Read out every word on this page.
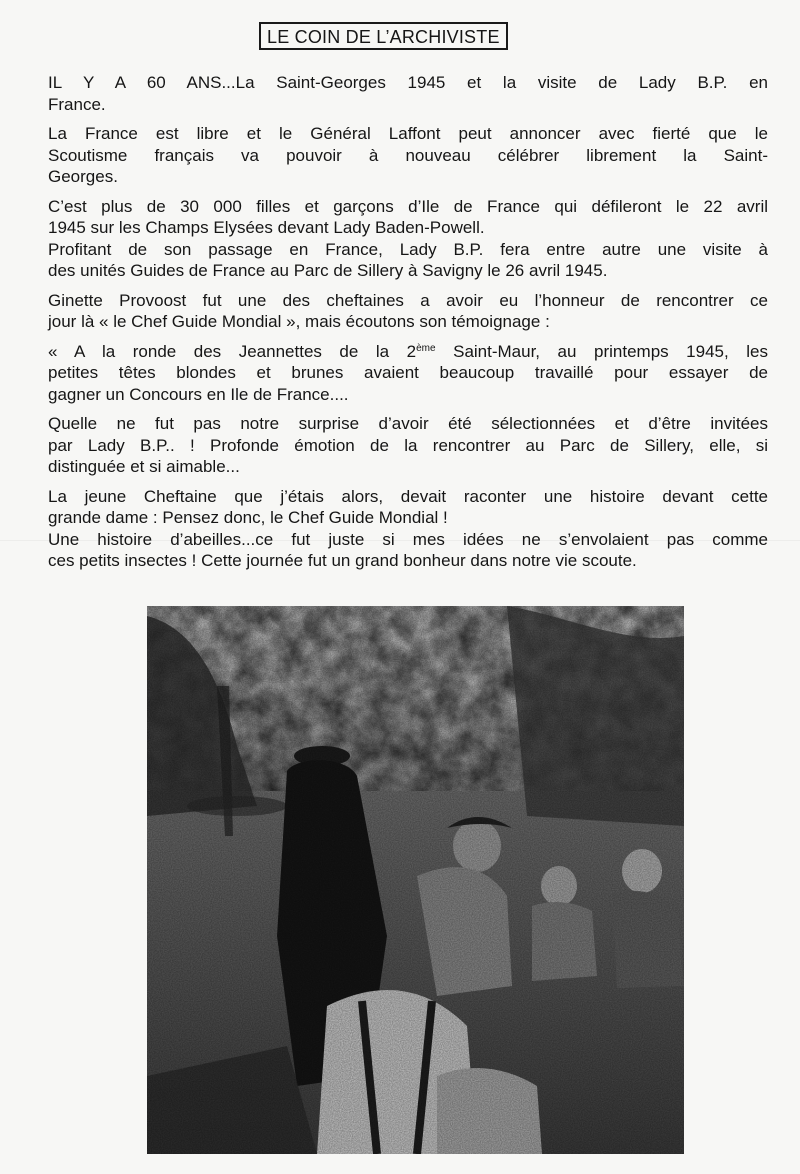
LE COIN DE L’ARCHIVISTE

IL Y A 60 ANS...La Saint-Georges 1945 et la visite de Lady B.P. en
France.

La France est libre et le Général Laffont peut annoncer avec fierté que le
Scoutisme français va pouvoir à nouveau célébrer librement la Saint-
Georges.

C’est plus de 30 000 filles et garçons d’Ile de France qui défileront le 22 avril
1945 sur les Champs Elysées devant Lady Baden-Powell.

Profitant de son passage en France, Lady B.P. fera entre autre une visite à
des unités Guides de France au Parc de Sillery à Savigny le 26 avril 1945.

Ginette Provoost fut une des cheftaines a avoir eu l’honneur de rencontrer ce
jour là « le Chef Guide Mondial », mais écoutons son témoignage :

« A la ronde des Jeannettes de la 2ème Saint-Maur, au printemps 1945, les
petites têtes blondes et brunes avaient beaucoup travaillé pour essayer de
gagner un Concours en Ile de France....

Quelle ne fut pas notre surprise d’avoir été sélectionnées et d’être invitées
par Lady B.P.. ! Profonde émotion de la rencontrer au Parc de Sillery, elle, si
distinguée et si aimable...

La jeune Cheftaine que j’étais alors, devait raconter une histoire devant cette
grande dame : Pensez donc, le Chef Guide Mondial !

Une histoire d’abeilles...ce fut juste si mes idées ne s’envolaient pas comme
ces petits insectes ! Cette journée fut un grand bonheur dans notre vie scoute.
